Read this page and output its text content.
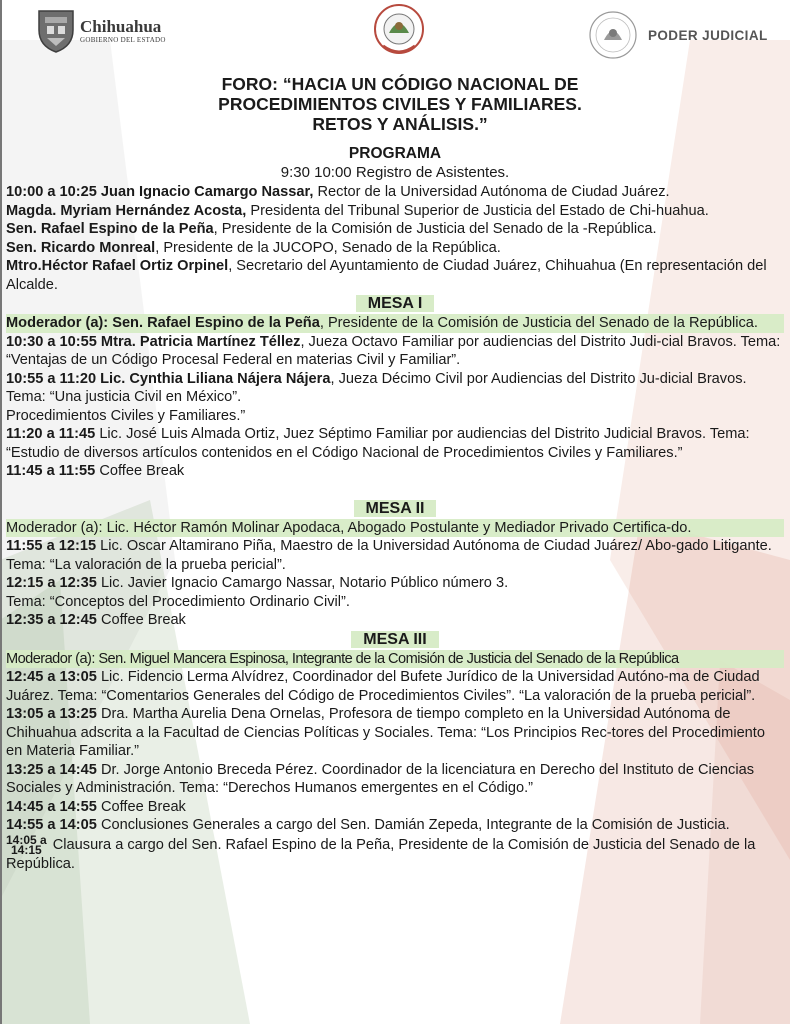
Chihuahua
GOBIERNO DEL ESTADO	PODER JUDICIAL
FORO: “HACIA UN CÓDIGO NACIONAL DE
PROCEDIMIENTOS CIVILES Y FAMILIARES.
RETOS Y ANÁLISIS.”
PROGRAMA
9:30 10:00 Registro de Asistentes.

10:00 a 10:25 Juan Ignacio Camargo Nassar, Rector de la Universidad Autónoma de Ciudad Juárez.

Magda. Myriam Hernández Acosta, Presidenta del Tribunal Superior de Justicia del Estado de Chi-huahua.

Sen. Rafael Espino de la Peña, Presidente de la Comisión de Justicia del Senado de la -República.

Sen. Ricardo Monreal, Presidente de la JUCOPO, Senado de la República.

Mtro.Héctor Rafael Ortiz Orpinel, Secretario del Ayuntamiento de Ciudad Juárez, Chihuahua (En representación del Alcalde.

MESA I

Moderador (a): Sen. Rafael Espino de la Peña, Presidente de la Comisión de Justicia del Senado de la República.

10:30 a 10:55 Mtra. Patricia Martínez Téllez, Jueza Octavo Familiar por audiencias del Distrito Judi-cial Bravos. Tema: “Ventajas de un Código Procesal Federal en materias Civil y Familiar”.

10:55 a 11:20 Lic. Cynthia Liliana Nájera Nájera, Jueza Décimo Civil por Audiencias del Distrito Ju-dicial Bravos. Tema: “Una justicia Civil en México”.

Procedimientos Civiles y Familiares.”

11:20 a 11:45 Lic. José Luis Almada Ortiz, Juez Séptimo Familiar por audiencias del Distrito Judicial Bravos. Tema: “Estudio de diversos artículos contenidos en el Código Nacional de Procedimientos Civiles y Familiares.”

11:45 a 11:55 Coffee Break

MESA II

Moderador (a): Lic. Héctor Ramón Molinar Apodaca, Abogado Postulante y Mediador Privado Certifica-do.

11:55 a 12:15 Lic. Oscar Altamirano Piña, Maestro de la Universidad Autónoma de Ciudad Juárez/ Abo-gado Litigante. Tema: “La valoración de la prueba pericial”.

12:15 a 12:35 Lic. Javier Ignacio Camargo Nassar, Notario Público número 3.

Tema: “Conceptos del Procedimiento Ordinario Civil”.

12:35 a 12:45 Coffee Break

MESA III

Moderador (a): Sen. Miguel Mancera Espinosa, Integrante de la Comisión de Justicia del Senado de la República

12:45 a 13:05 Lic. Fidencio Lerma Alvídrez, Coordinador del Bufete Jurídico de la Universidad Autóno-ma de Ciudad Juárez. Tema: “Comentarios Generales del Código de Procedimientos Civiles”. “La valoración de la prueba pericial”.

13:05 a 13:25 Dra. Martha Aurelia Dena Ornelas, Profesora de tiempo completo en la Universidad Autónoma de Chihuahua adscrita a la Facultad de Ciencias Políticas y Sociales. Tema: “Los Principios Rec-tores del Procedimiento en Materia Familiar.”

13:25 a 14:45 Dr. Jorge Antonio Breceda Pérez. Coordinador de la licenciatura en Derecho del Instituto de Ciencias Sociales y Administración. Tema: “Derechos Humanos emergentes en el Código.”

14:45 a 14:55 Coffee Break

14:55 a 14:05 Conclusiones Generales a cargo del Sen. Damián Zepeda, Integrante de la Comisión de Justicia.

14:05 a
14:15 Clausura a cargo del Sen. Rafael Espino de la Peña, Presidente de la Comisión de Justicia del Senado de la República.
